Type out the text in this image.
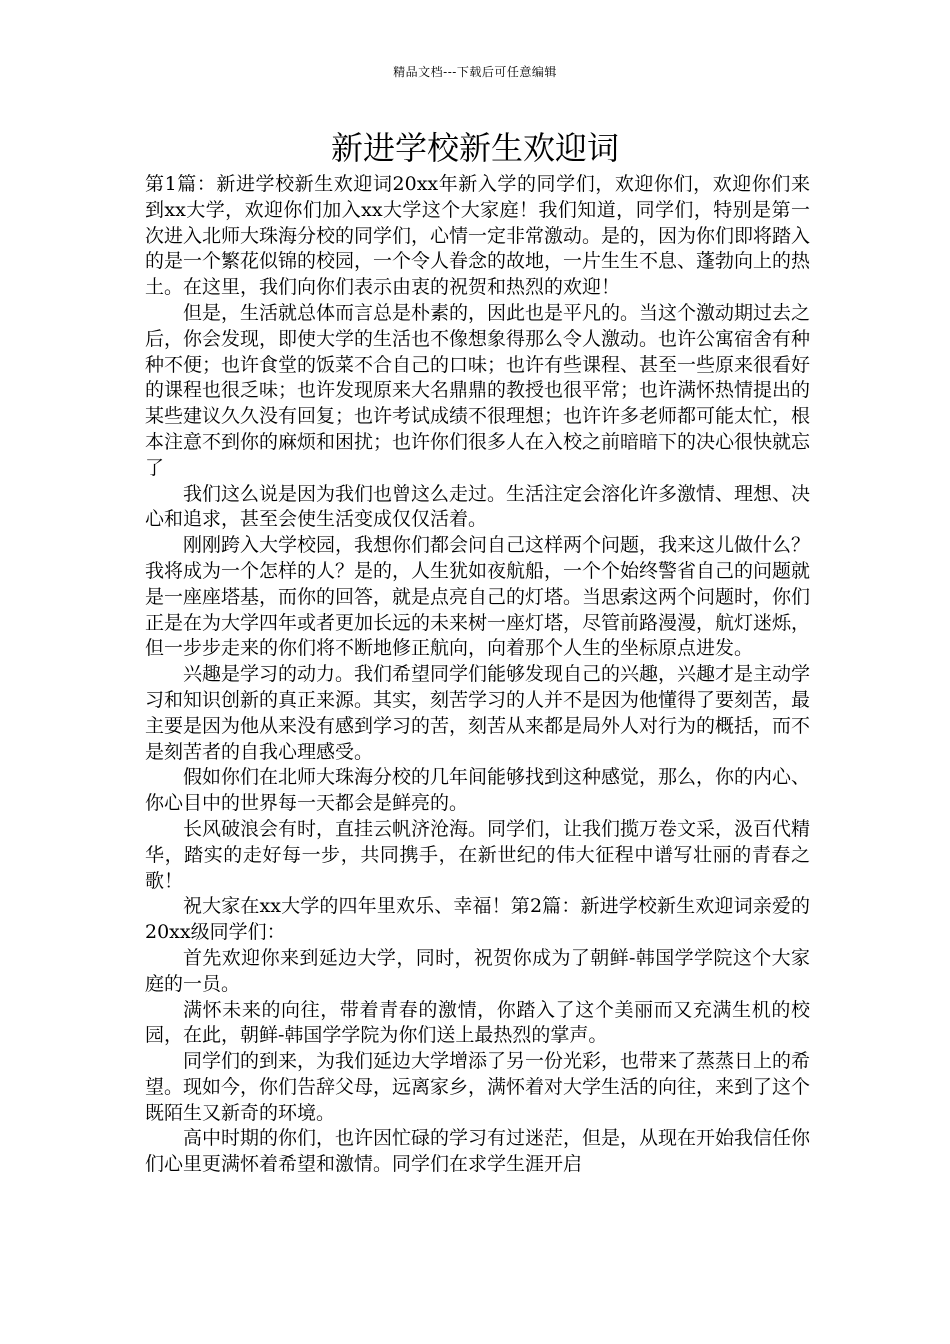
精品文档---下载后可任意编辑
新进学校新生欢迎词

第1篇：新进学校新生欢迎词20xx年新入学的同学们，欢迎你们，欢迎你们来到xx大学，欢迎你们加入xx大学这个大家庭！我们知道，同学们，特别是第一次进入北师大珠海分校的同学们，心情一定非常激动。是的，因为你们即将踏入的是一个繁花似锦的校园，一个令人眷念的故地，一片生生不息、蓬勃向上的热土。在这里，我们向你们表示由衷的祝贺和热烈的欢迎！

但是，生活就总体而言总是朴素的，因此也是平凡的。当这个激动期过去之后，你会发现，即使大学的生活也不像想象得那么令人激动。也许公寓宿舍有种种不便；也许食堂的饭菜不合自己的口味；也许有些课程、甚至一些原来很看好的课程也很乏味；也许发现原来大名鼎鼎的教授也很平常；也许满怀热情提出的某些建议久久没有回复；也许考试成绩不很理想；也许许多老师都可能太忙，根本注意不到你的麻烦和困扰；也许你们很多人在入校之前暗暗下的决心很快就忘了

我们这么说是因为我们也曾这么走过。生活注定会溶化许多激情、理想、决心和追求，甚至会使生活变成仅仅活着。

刚刚跨入大学校园，我想你们都会问自己这样两个问题，我来这儿做什么？我将成为一个怎样的人？是的，人生犹如夜航船，一个个始终警省自己的问题就是一座座塔基，而你的回答，就是点亮自己的灯塔。当思索这两个问题时，你们正是在为大学四年或者更加长远的未来树一座灯塔，尽管前路漫漫，航灯迷烁，但一步步走来的你们将不断地修正航向，向着那个人生的坐标原点进发。

兴趣是学习的动力。我们希望同学们能够发现自己的兴趣，兴趣才是主动学习和知识创新的真正来源。其实，刻苦学习的人并不是因为他懂得了要刻苦，最主要是因为他从来没有感到学习的苦，刻苦从来都是局外人对行为的概括，而不是刻苦者的自我心理感受。

假如你们在北师大珠海分校的几年间能够找到这种感觉，那么，你的内心、你心目中的世界每一天都会是鲜亮的。

长风破浪会有时，直挂云帆济沧海。同学们，让我们揽万卷文采，汲百代精华，踏实的走好每一步，共同携手，在新世纪的伟大征程中谱写壮丽的青春之歌！

祝大家在xx大学的四年里欢乐、幸福！第2篇：新进学校新生欢迎词亲爱的20xx级同学们：

首先欢迎你来到延边大学，同时，祝贺你成为了朝鲜-韩国学学院这个大家庭的一员。

满怀未来的向往，带着青春的激情，你踏入了这个美丽而又充满生机的校园，在此，朝鲜-韩国学学院为你们送上最热烈的掌声。

同学们的到来，为我们延边大学增添了另一份光彩，也带来了蒸蒸日上的希望。现如今，你们告辞父母，远离家乡，满怀着对大学生活的向往，来到了这个既陌生又新奇的环境。

高中时期的你们，也许因忙碌的学习有过迷茫，但是，从现在开始我信任你们心里更满怀着希望和激情。同学们在求学生涯开启
